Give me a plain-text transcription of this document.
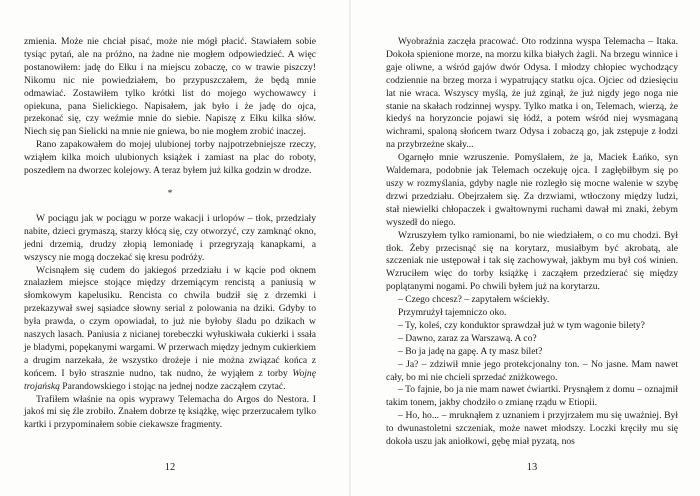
zmienia. Może nie chciał pisać, może nie mógł płacić. Stawiałem sobie tysiąc pytań, ale na próżno, na żadne nie mogłem odpowiedzieć. A więc postanowiłem: jadę do Ełku i na miejscu zobaczę, co w trawie piszczy! Nikomu nic nie powiedziałem, bo przypuszczałem, że będą mnie odmawiać. Zostawiłem tylko krótki list do mojego wychowawcy i opiekuna, pana Sielickiego. Napisałem, jak było i że jadę do ojca, przekonać się, czy weźmie mnie do siebie. Napiszę z Ełku kilka słów. Niech się pan Sielicki na mnie nie gniewa, bo nie mogłem zrobić inaczej.

Rano zapakowałem do mojej ulubionej torby najpotrzebniejsze rzeczy, wziąłem kilka moich ulubionych książek i zamiast na plac do roboty, poszedłem na dworzec kolejowy. A teraz byłem już kilka godzin w drodze.

*

W pociągu jak w pociągu w porze wakacji i urlopów – tłok, przedziały nabite, dzieci grymaszą, starzy kłócą się, czy otworzyć, czy zamknąć okno, jedni drzemią, drudzy złopią lemoniadę i przegryzają kanapkami, a wszyscy nie mogą doczekać się kresu podróży.

Wcisnąłem się cudem do jakiegoś przedziału i w kącie pod oknem znalazłem miejsce stojące między drzemiącym rencistą a paniusią w słomkowym kapelusiku. Rencista co chwila budził się z drzemki i przekazywał swej sąsiadce słowny serial z polowania na dziki. Gdyby to była prawda, o czym opowiadał, to już nie byłoby śladu po dzikach w naszych lasach. Paniusia z nicianej torebeczki wyłuskiwała cukierki i ssała je bladymi, popękanymi wargami. W przerwach między jednym cukierkiem a drugim narzekała, że wszystko drożeje i nie można związać końca z końcem. I było strasznie nudno, tak nudno, że wyjąłem z torby Wojnę trojańską Parandowskiego i stojąc na jednej nodze zacząłem czytać.

Trafiłem właśnie na opis wyprawy Telemacha do Argos do Nestora. I jakoś mi się źle zrobiło. Znałem dobrze tę książkę, więc przerzucałem tylko kartki i przypominałem sobie ciekawsze fragmenty.

12

Wyobraźnia zaczęła pracować. Oto rodzinna wyspa Telemacha – Itaka. Dokoła spienione morze, na morzu kilka białych żagli. Na brzegu winnice i gaje oliwne, a wśród gajów dwór Odysa. I młodzy chłopiec wychodzący codziennie na brzeg morza i wypatrujący statku ojca. Ojciec od dziesięciu lat nie wraca. Wszyscy myślą, że już zginął, że już nigdy jego noga nie stanie na skałach rodzinnej wyspy. Tylko matka i on, Telemach, wierzą, że kiedyś na horyzoncie pojawi się łódź, a potem wśród niej wysmaganą wichrami, spaloną słońcem twarz Odysa i zobaczą go, jak zstępuje z łodzi na przybrzeżne skały...

Ogarnęło mnie wzruszenie. Pomyślałem, że ja, Maciek Łańko, syn Waldemara, podobnie jak Telemach oczekuję ojca. I zagłębiłbym się po uszy w rozmyślania, gdyby nagle nie rozległo się mocne walenie w szybę drzwi przedziału. Obejrzałem się. Za drzwiami, wtłoczony między ludzi, stał niewielki chłopaczek i gwałtownymi ruchami dawał mi znaki, żebym wyszedł do niego.

Wzruszyłem tylko ramionami, bo nie wiedziałem, o co mu chodzi. Był tłok. Żeby przecisnąć się na korytarz, musiałbym być akrobatą, ale szczeniak nie ustępował i tak się zachowywał, jakbym mu był coś winien. Wzruciłem więc do torby książkę i zacząłem przedzierać się między poplątanymi nogami. Po chwili byłem już na korytarzu.

– Czego chcesz? – zapytałem wściekły.

Przymrużył tajemniczo oko.

– Ty, koleś, czy konduktor sprawdzał już w tym wagonie bilety?

– Dawno, zaraz za Warszawą. A co?

– Bo ja jadę na gapę. A ty masz bilet?

– Ja? – zdziwił mnie jego protekcjonalny ton. – No jasne. Mam nawet cały, bo mi nie chcieli sprzedać zniżkowego.

– To fajnie, bo ja nie mam nawet ćwiartki. Prysnąłem z domu – oznajmił takim tonem, jakby chodziło o zmianę rządu w Etiopii.

– Ho, ho... – mruknąłem z uznaniem i przyjrzałem mu się uważniej. Był to dwunastoletni szczeniak, może nawet młodszy. Loczki kręciły mu się dokoła uszu jak aniołkowi, gębę miał pyzatą, nos

13
